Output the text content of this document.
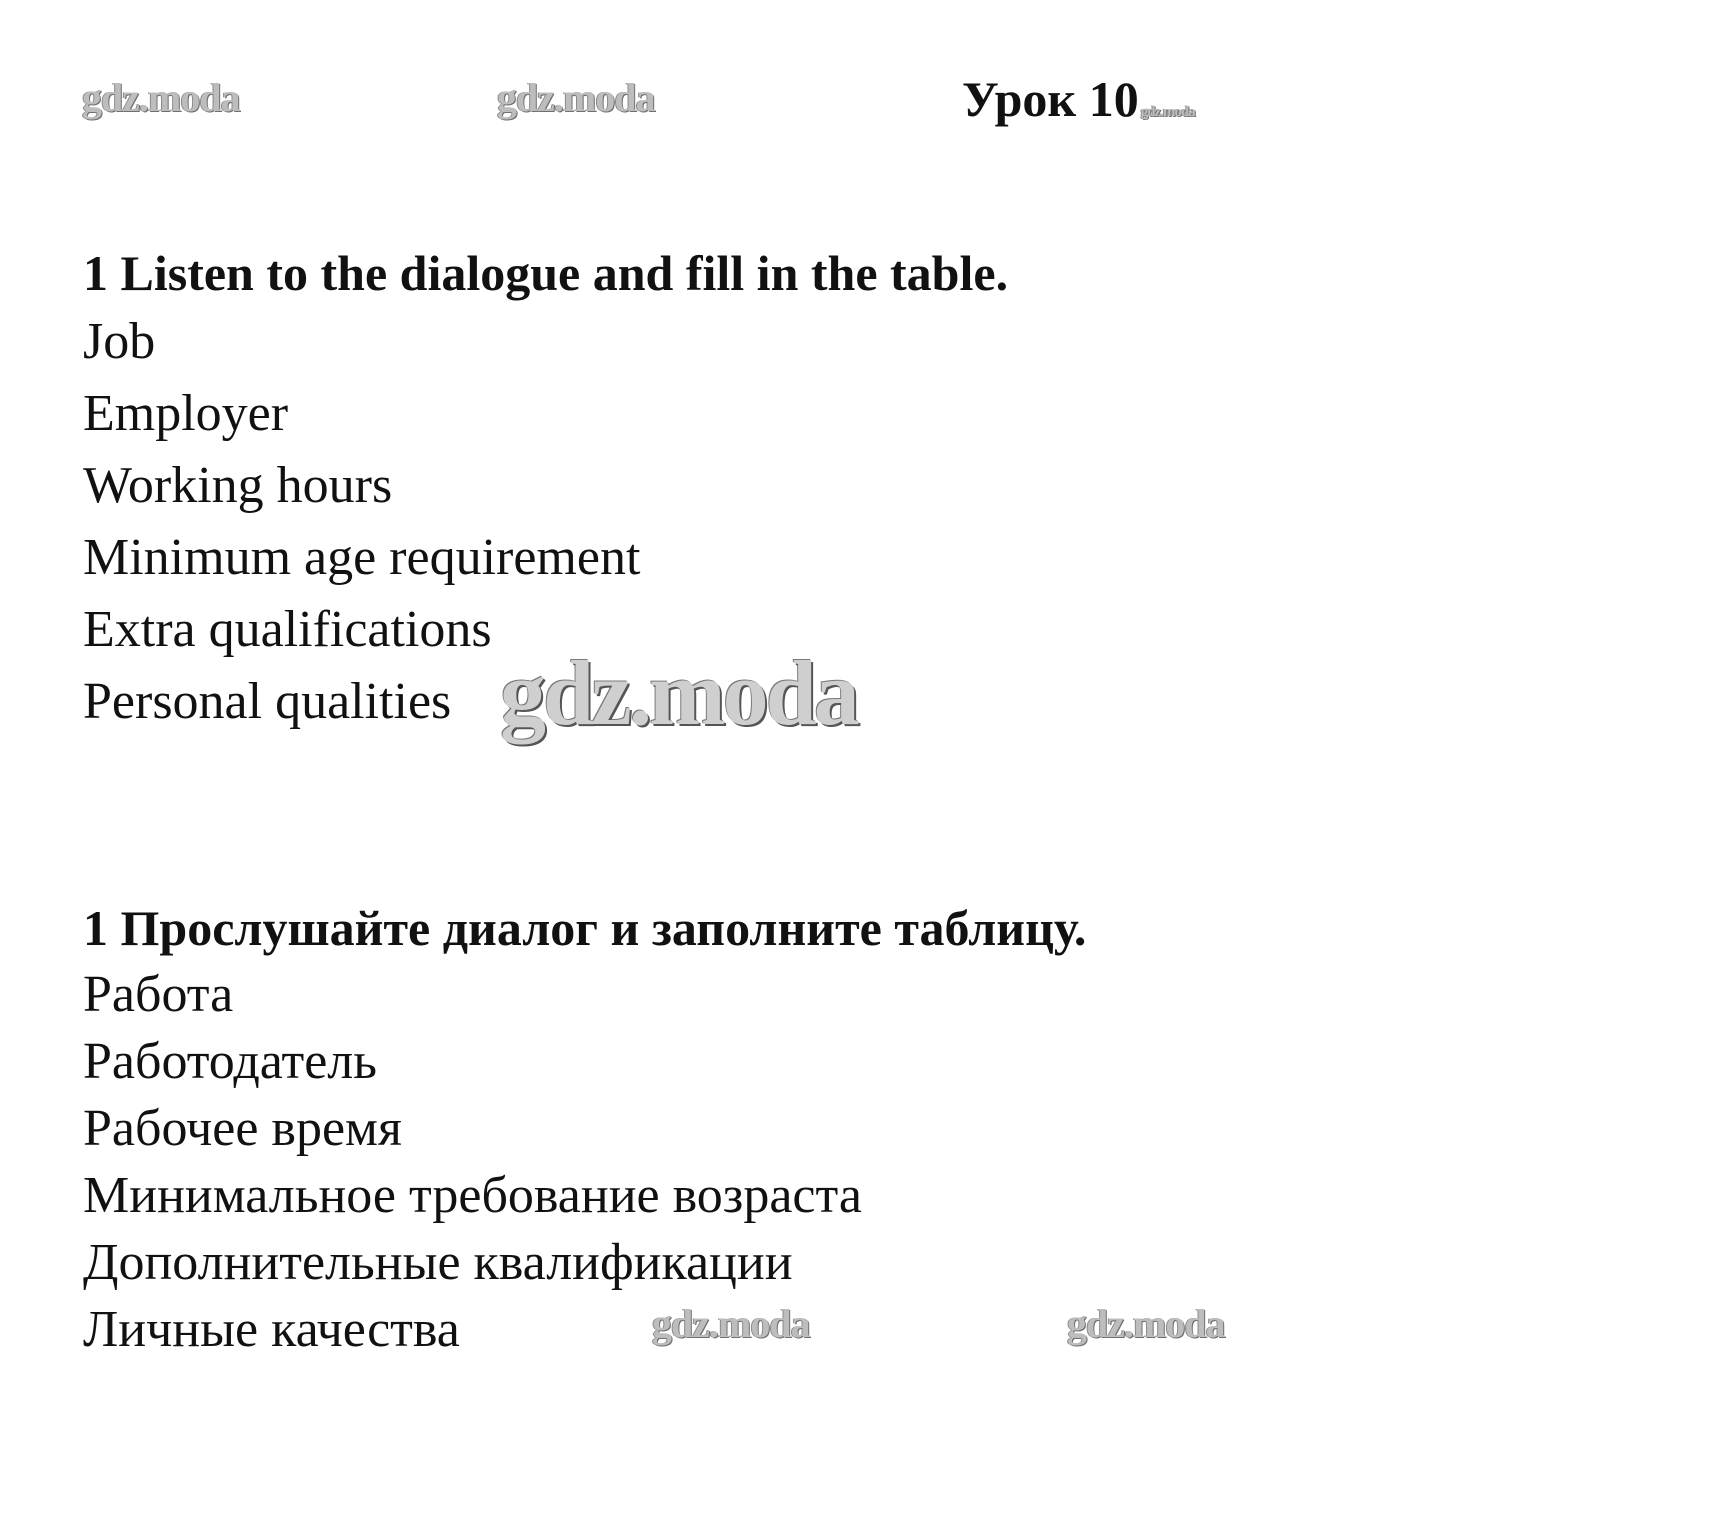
gdz.moda	gdz.moda	Урок 10 gdz.moda
1 Listen to the dialogue and fill in the table.
Job
Employer
Working hours
Minimum age requirement
Extra qualifications
Personal qualities gdz.moda
1 Прослушайте диалог и заполните таблицу.
Работа
Работодатель
Рабочее время
Минимальное требование возраста
Дополнительные квалификации
Личные качества	gdz.moda	gdz.moda
